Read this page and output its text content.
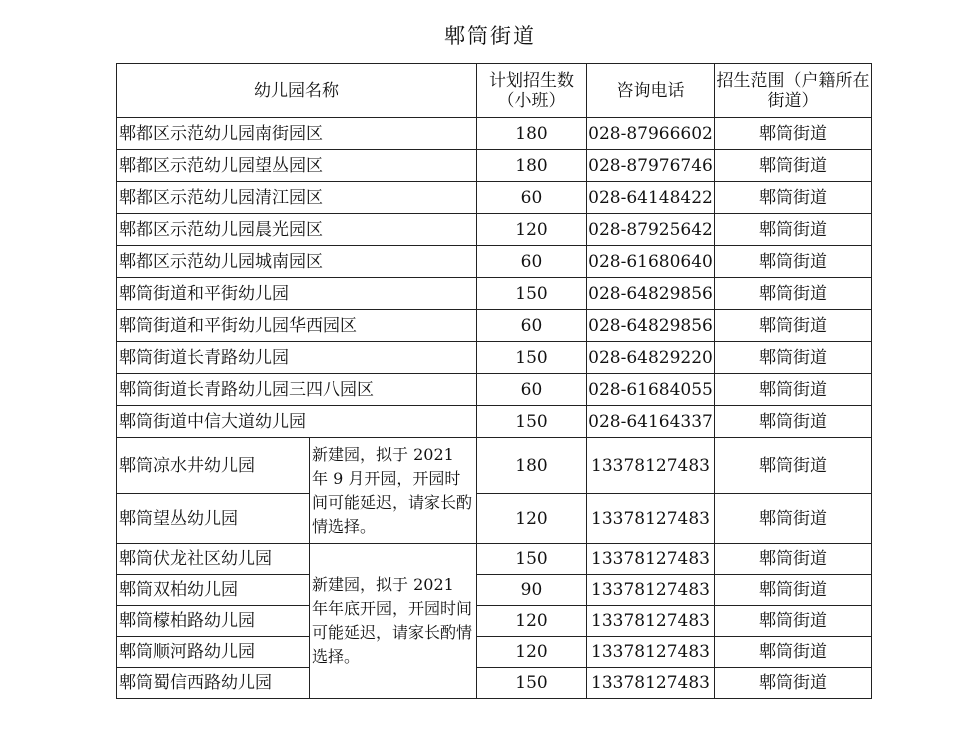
郫筒街道
幼儿园名称		计划招生数（小班）	咨询电话	招生范围（户籍所在街道）
郫都区示范幼儿园南街园区		180	028-87966602	郫筒街道
郫都区示范幼儿园望丛园区		180	028-87976746	郫筒街道
郫都区示范幼儿园清江园区		60	028-64148422	郫筒街道
郫都区示范幼儿园晨光园区		120	028-87925642	郫筒街道
郫都区示范幼儿园城南园区		60	028-61680640	郫筒街道
郫筒街道和平街幼儿园		150	028-64829856	郫筒街道
郫筒街道和平街幼儿园华西园区		60	028-64829856	郫筒街道
郫筒街道长青路幼儿园		150	028-64829220	郫筒街道
郫筒街道长青路幼儿园三四八园区		60	028-61684055	郫筒街道
郫筒街道中信大道幼儿园		150	028-64164337	郫筒街道
郫筒凉水井幼儿园	新建园，拟于 2021 年 9 月开园，开园时间可能延迟，请家长酌情选择。	180	13378127483	郫筒街道
郫筒望丛幼儿园		120	13378127483	郫筒街道
郫筒伏龙社区幼儿园	新建园，拟于 2021 年年底开园，开园时间可能延迟，请家长酌情选择。	150	13378127483	郫筒街道
郫筒双柏幼儿园		90	13378127483	郫筒街道
郫筒檬柏路幼儿园		120	13378127483	郫筒街道
郫筒顺河路幼儿园		120	13378127483	郫筒街道
郫筒蜀信西路幼儿园		150	13378127483	郫筒街道
